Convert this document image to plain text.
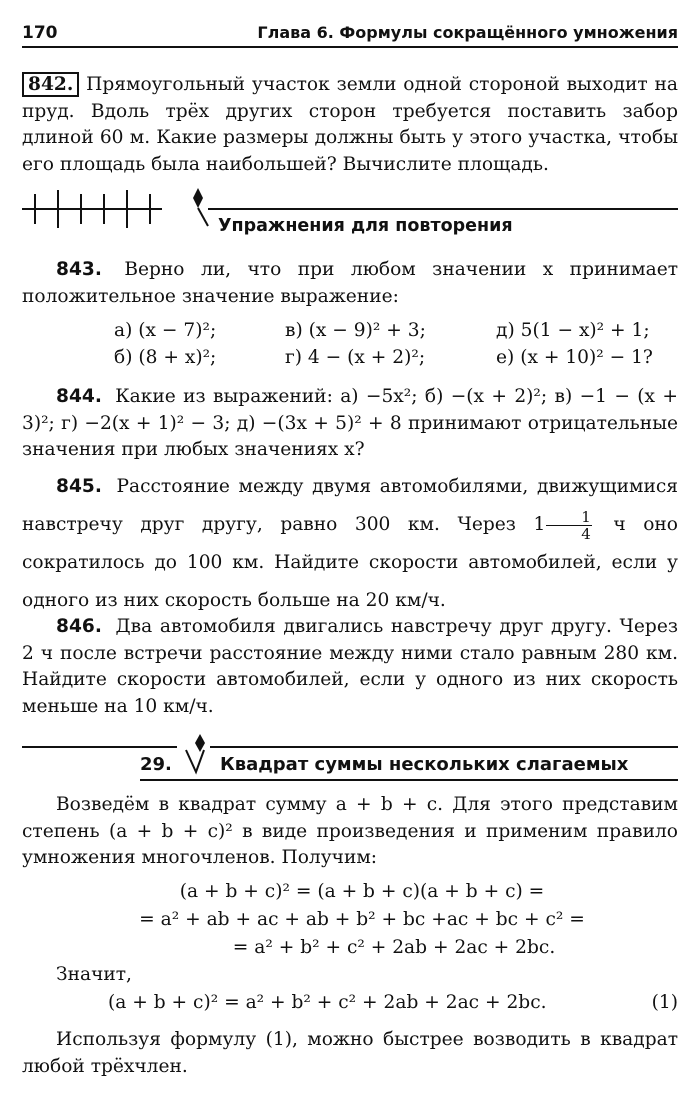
170	Глава 6. Формулы сокращённого умножения

842. Прямоугольный участок земли одной стороной выходит на пруд. Вдоль трёх других сторон требуется поставить забор длиной 60 м. Какие размеры должны быть у этого участка, чтобы его площадь была наибольшей? Вычислите площадь.

Упражнения для повторения

843. Верно ли, что при любом значении x принимает положительное значение выражение:

а) (x − 7)²;	в) (x − 9)² + 3;	д) 5(1 − x)² + 1;
б) (8 + x)²;	г) 4 − (x + 2)²;	е) (x + 10)² − 1?

844. Какие из выражений: а) −5x²; б) −(x + 2)²; в) −1 − (x + 3)²; г) −2(x + 1)² − 3; д) −(3x + 5)² + 8 принимают отрицательные значения при любых значениях x?

845. Расстояние между двумя автомобилями, движущимися навстречу друг другу, равно 300 км. Через $1 \frac{1}{4}$ ч оно сократилось до 100 км. Найдите скорости автомобилей, если у одного из них скорость больше на 20 км/ч.

846. Два автомобиля двигались навстречу друг другу. Через 2 ч после встречи расстояние между ними стало равным 280 км. Найдите скорости автомобилей, если у одного из них скорость меньше на 10 км/ч.

29.	Квадрат суммы нескольких слагаемых

Возведём в квадрат сумму a + b + c. Для этого представим степень (a + b + c)² в виде произведения и применим правило умножения многочленов. Получим:

(a + b + c)² = (a + b + c)(a + b + c) =
= a² + ab + ac + ab + b² + bc +ac + bc + c² =
= a² + b² + c² + 2ab + 2ac + 2bc.
Значит,
(a + b + c)² = a² + b² + c² + 2ab + 2ac + 2bc.	(1)

Используя формулу (1), можно быстрее возводить в квадрат любой трёхчлен.
